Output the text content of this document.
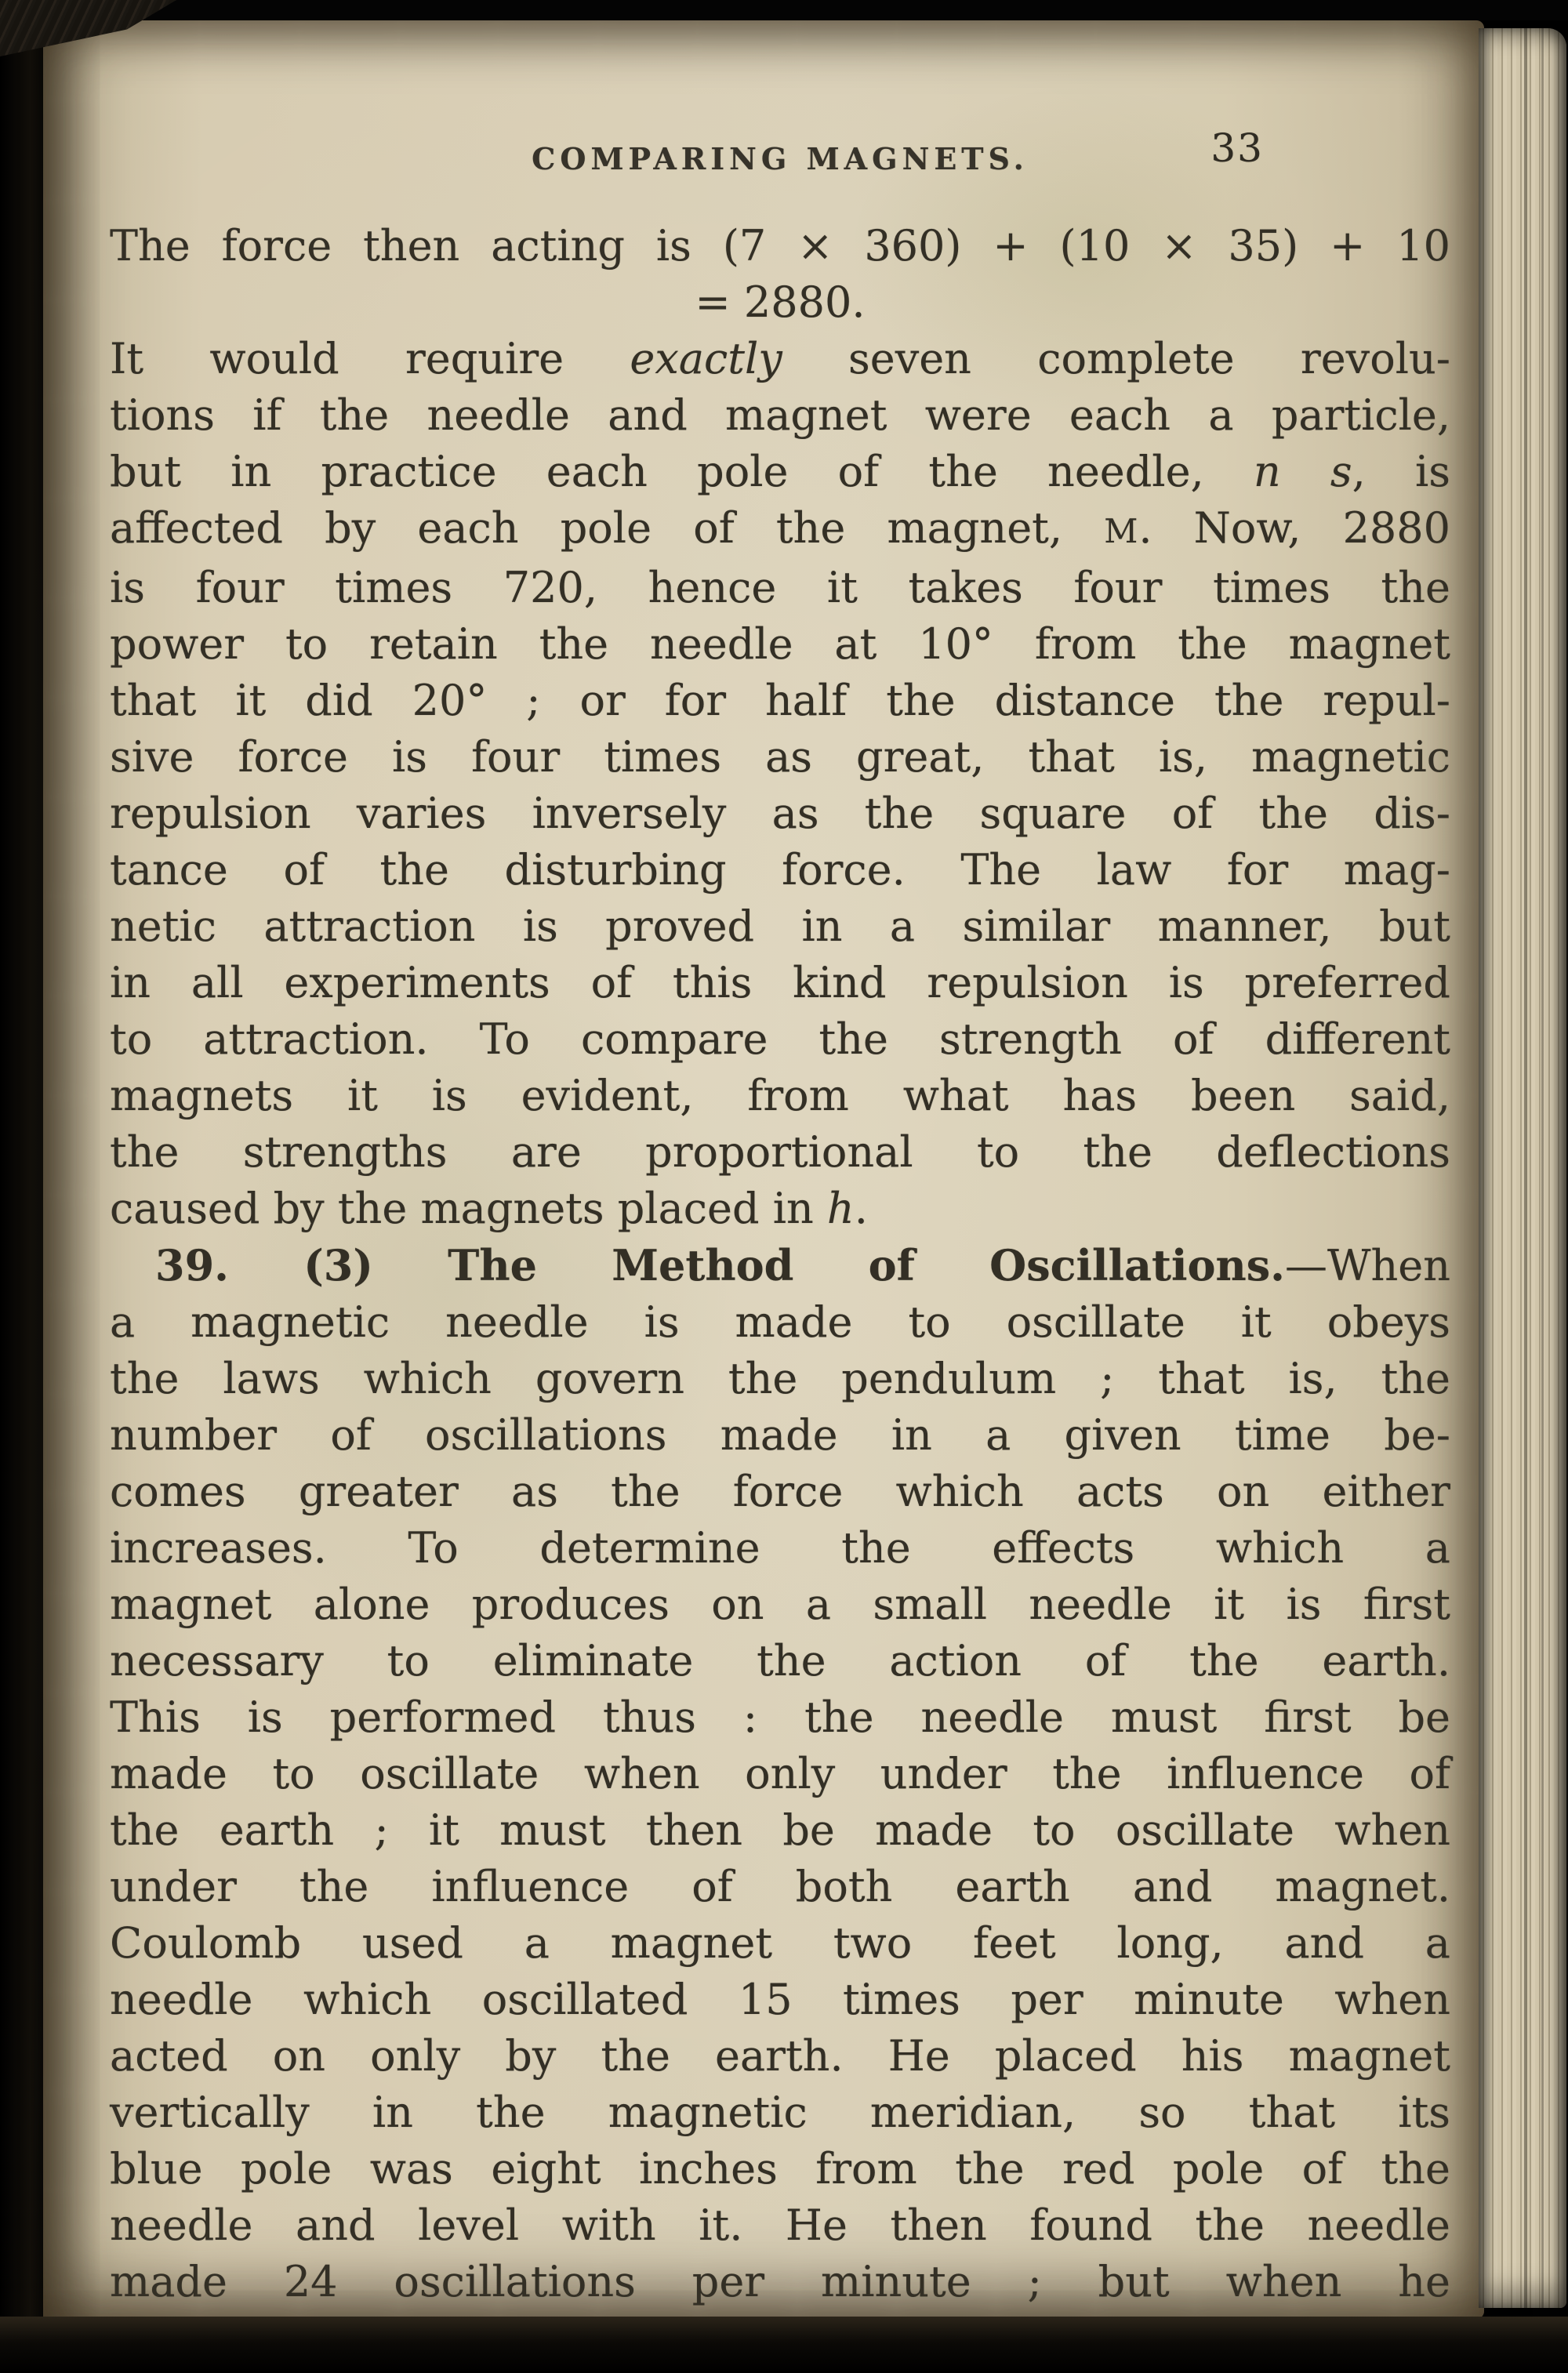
COMPARING MAGNETS.	33
The force then acting is (7 × 360) + (10 × 35) + 10
= 2880.
It would require exactly seven complete revolu-
tions if the needle and magnet were each a particle,
but in practice each pole of the needle, n s, is
affected by each pole of the magnet, M. Now, 2880
is four times 720, hence it takes four times the
power to retain the needle at 10° from the magnet
that it did 20° ; or for half the distance the repul-
sive force is four times as great, that is, magnetic
repulsion varies inversely as the square of the dis-
tance of the disturbing force. The law for mag-
netic attraction is proved in a similar manner, but
in all experiments of this kind repulsion is preferred
to attraction. To compare the strength of different
magnets it is evident, from what has been said,
the strengths are proportional to the deflections
caused by the magnets placed in h.
39. (3) The Method of Oscillations.—When
a magnetic needle is made to oscillate it obeys
the laws which govern the pendulum ; that is, the
number of oscillations made in a given time be-
comes greater as the force which acts on either
increases. To determine the effects which a
magnet alone produces on a small needle it is first
necessary to eliminate the action of the earth.
This is performed thus : the needle must first be
made to oscillate when only under the influence of
the earth ; it must then be made to oscillate when
under the influence of both earth and magnet.
Coulomb used a magnet two feet long, and a
needle which oscillated 15 times per minute when
acted on only by the earth. He placed his magnet
vertically in the magnetic meridian, so that its
blue pole was eight inches from the red pole of the
needle and level with it. He then found the needle
made 24 oscillations per minute ; but when he
